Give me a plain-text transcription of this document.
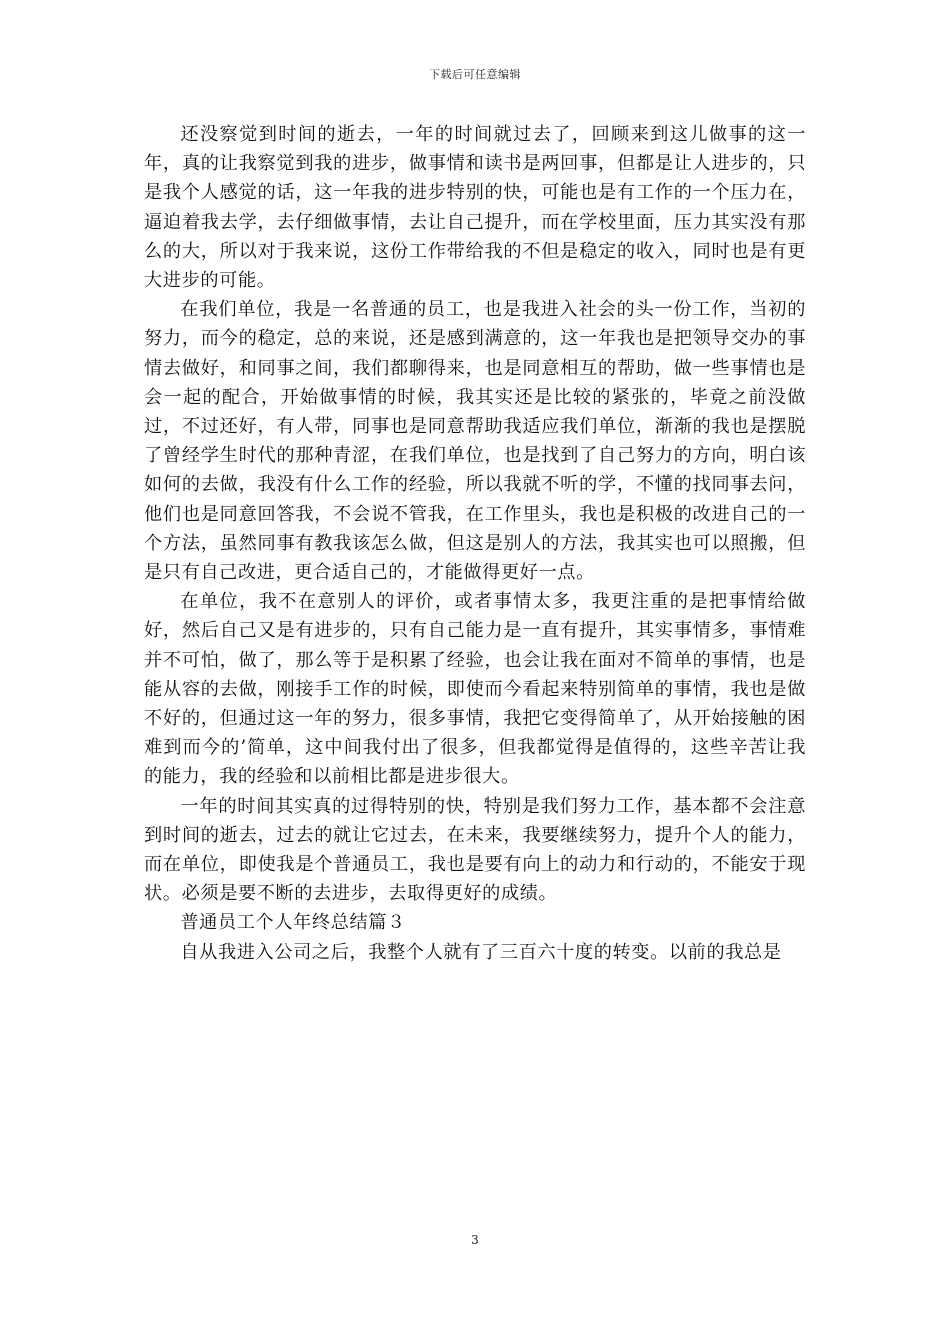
下载后可任意编辑

还没察觉到时间的逝去，一年的时间就过去了，回顾来到这儿做事的这一年，真的让我察觉到我的进步，做事情和读书是两回事，但都是让人进步的，只是我个人感觉的话，这一年我的进步特别的快，可能也是有工作的一个压力在，逼迫着我去学，去仔细做事情，去让自己提升，而在学校里面，压力其实没有那么的大，所以对于我来说，这份工作带给我的不但是稳定的收入，同时也是有更大进步的可能。

在我们单位，我是一名普通的员工，也是我进入社会的头一份工作，当初的努力，而今的稳定，总的来说，还是感到满意的，这一年我也是把领导交办的事情去做好，和同事之间，我们都聊得来，也是同意相互的帮助，做一些事情也是会一起的配合，开始做事情的时候，我其实还是比较的紧张的，毕竟之前没做过，不过还好，有人带，同事也是同意帮助我适应我们单位，渐渐的我也是摆脱了曾经学生时代的那种青涩，在我们单位，也是找到了自己努力的方向，明白该如何的去做，我没有什么工作的经验，所以我就不听的学，不懂的找同事去问，他们也是同意回答我，不会说不管我，在工作里头，我也是积极的改进自己的一个方法，虽然同事有教我该怎么做，但这是别人的方法，我其实也可以照搬，但是只有自己改进，更合适自己的，才能做得更好一点。

在单位，我不在意别人的评价，或者事情太多，我更注重的是把事情给做好，然后自己又是有进步的，只有自己能力是一直有提升，其实事情多，事情难并不可怕，做了，那么等于是积累了经验，也会让我在面对不简单的事情，也是能从容的去做，刚接手工作的时候，即使而今看起来特别简单的事情，我也是做不好的，但通过这一年的努力，很多事情，我把它变得简单了，从开始接触的困难到而今的’简单，这中间我付出了很多，但我都觉得是值得的，这些辛苦让我的能力，我的经验和以前相比都是进步很大。

一年的时间其实真的过得特别的快，特别是我们努力工作，基本都不会注意到时间的逝去，过去的就让它过去，在未来，我要继续努力，提升个人的能力，而在单位，即使我是个普通员工，我也是要有向上的动力和行动的，不能安于现状。必须是要不断的去进步，去取得更好的成绩。

普通员工个人年终总结篇３

自从我进入公司之后，我整个人就有了三百六十度的转变。以前的我总是

3
